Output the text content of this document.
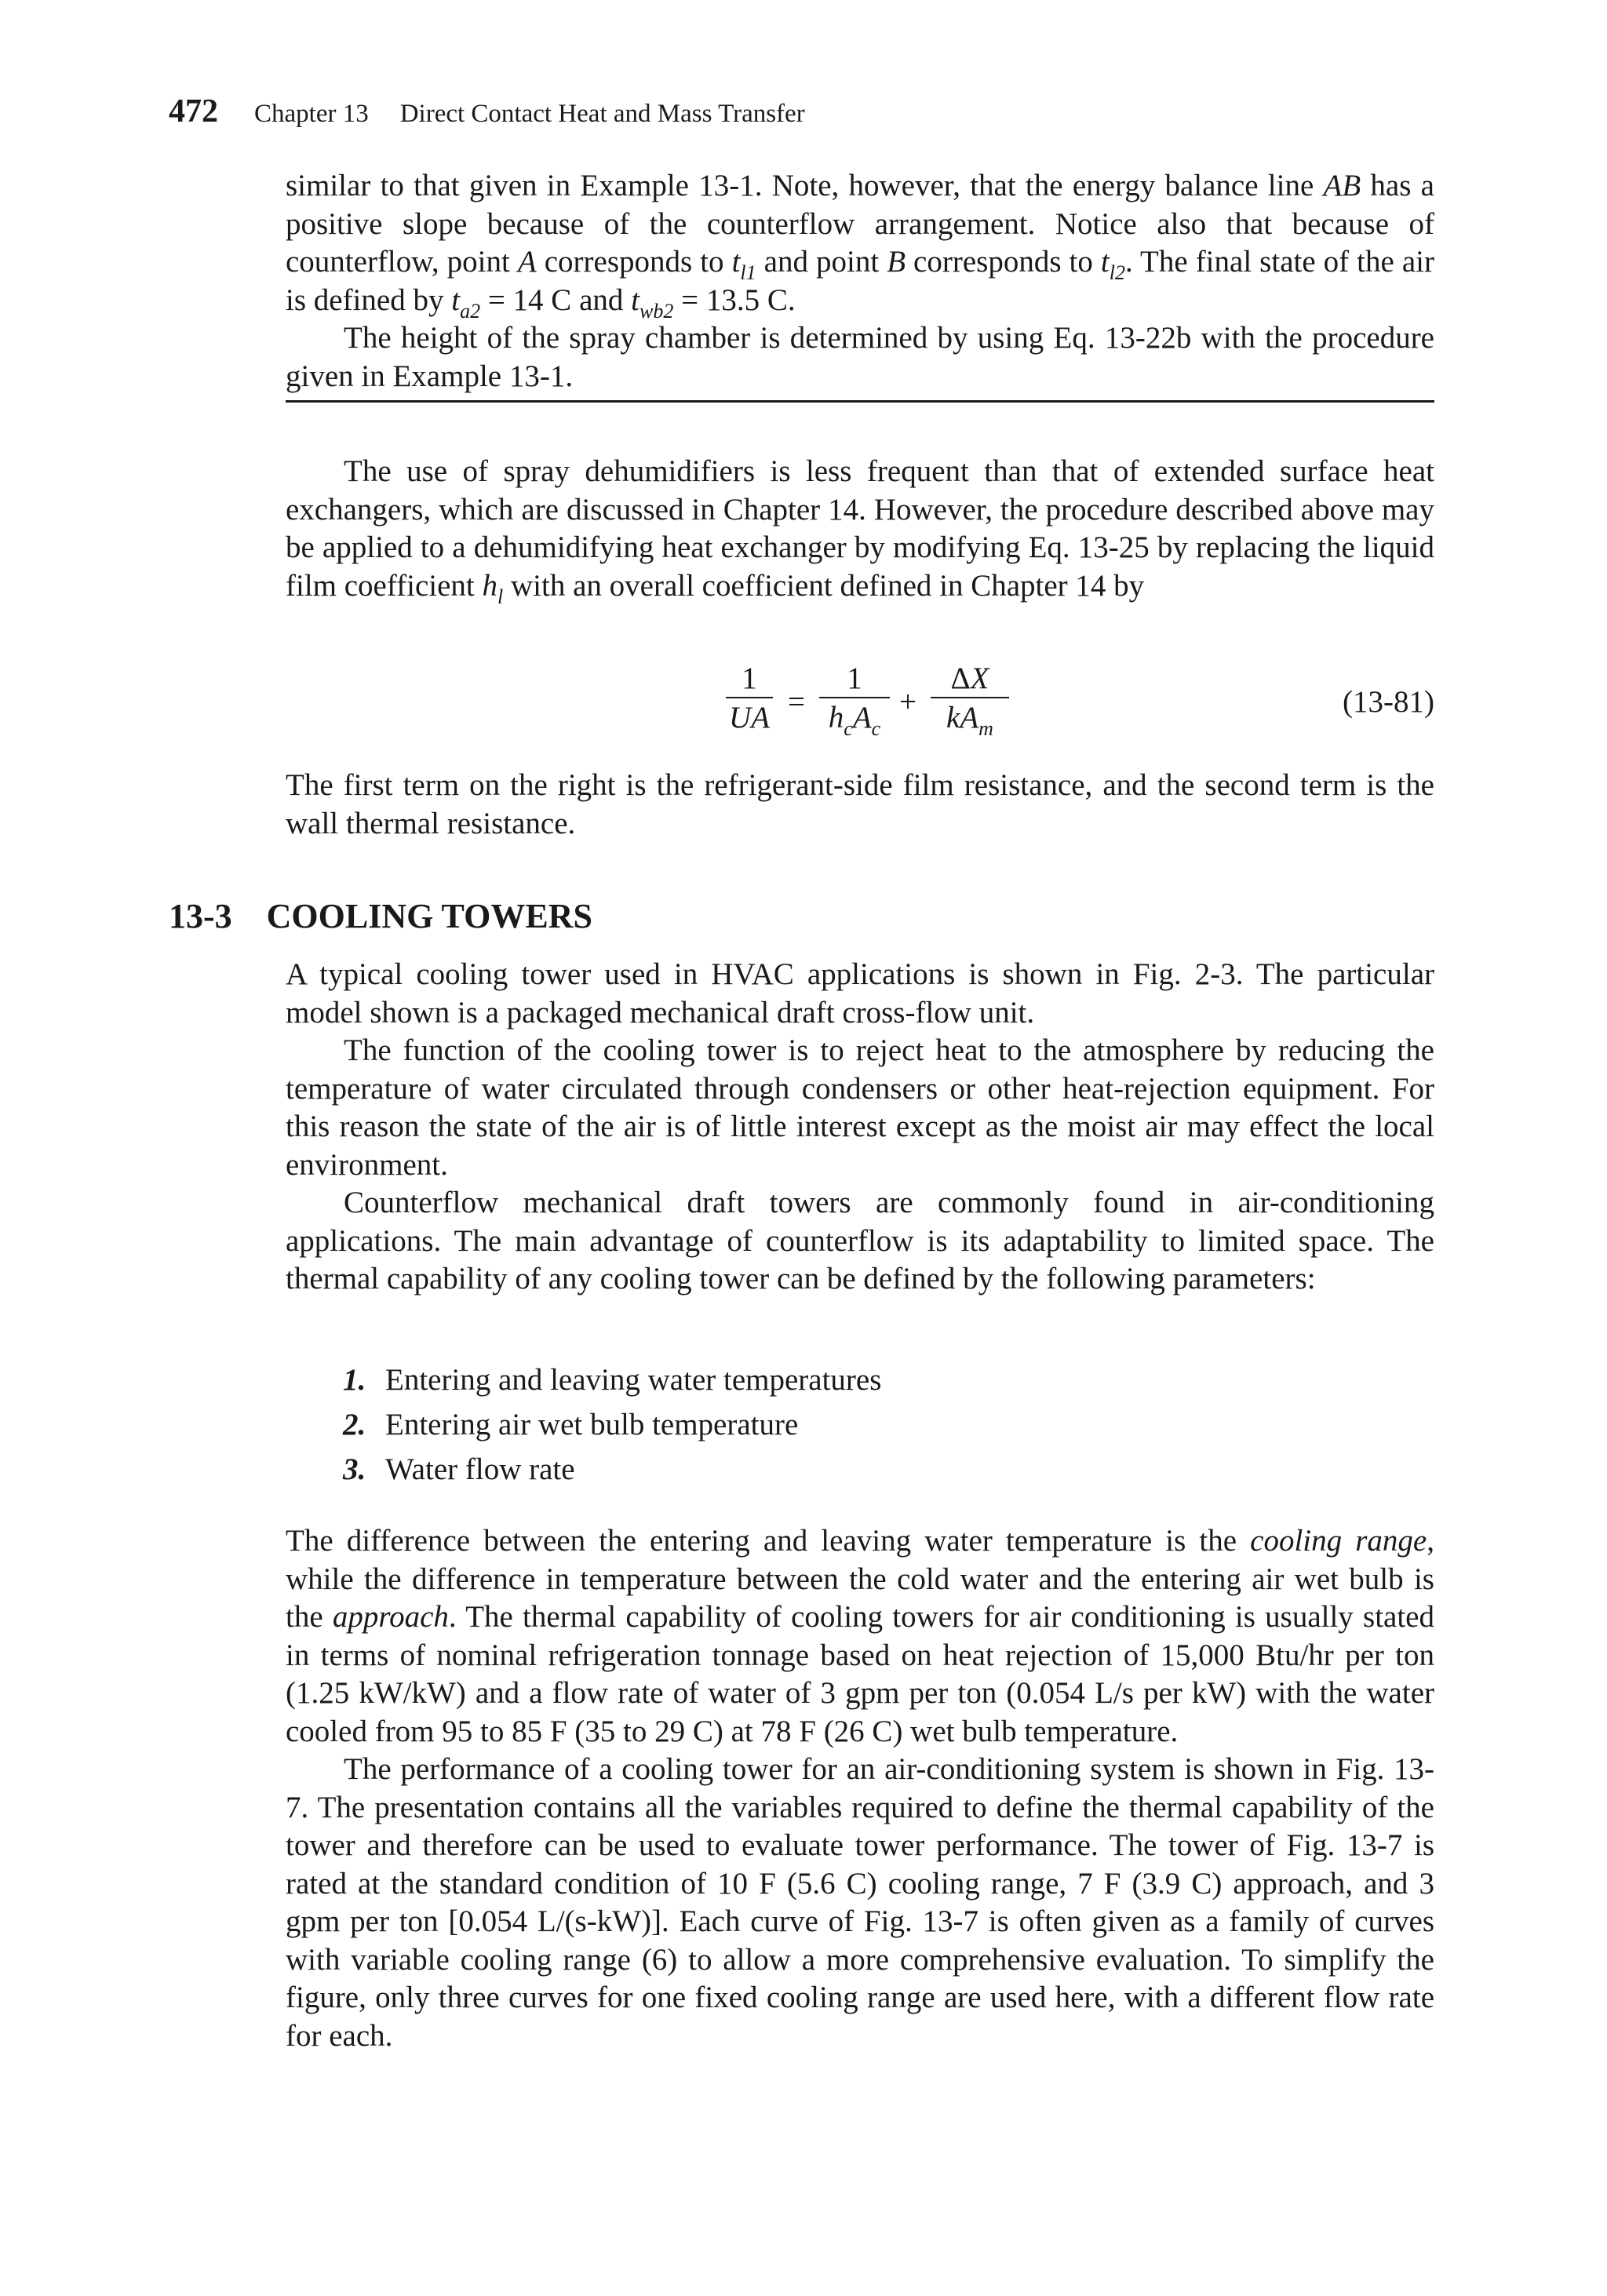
472 Chapter 13 Direct Contact Heat and Mass Transfer

similar to that given in Example 13-1. Note, however, that the energy balance line AB has a positive slope because of the counterflow arrangement. Notice also that because of counterflow, point A corresponds to $t_{l1}$ and point B corresponds to $t_{l2}$. The final state of the air is defined by $t_{a2} = 14$ C and $t_{wb2} = 13.5$ C.

The height of the spray chamber is determined by using Eq. 13-22b with the procedure given in Example 13-1.

The use of spray dehumidifiers is less frequent than that of extended surface heat exchangers, which are discussed in Chapter 14. However, the procedure described above may be applied to a dehumidifying heat exchanger by modifying Eq. 13-25 by replacing the liquid film coefficient $h_l$ with an overall coefficient defined in Chapter 14 by

1
UA =
1
$h_cA_c$
+
ΔX
$kA_m$
(13-81)

The first term on the right is the refrigerant-side film resistance, and the second term is the wall thermal resistance.

13-3 COOLING TOWERS

A typical cooling tower used in HVAC applications is shown in Fig. 2-3. The particular model shown is a packaged mechanical draft cross-flow unit.

The function of the cooling tower is to reject heat to the atmosphere by reducing the temperature of water circulated through condensers or other heat-rejection equipment. For this reason the state of the air is of little interest except as the moist air may effect the local environment.

Counterflow mechanical draft towers are commonly found in air-conditioning applications. The main advantage of counterflow is its adaptability to limited space. The thermal capability of any cooling tower can be defined by the following parameters:

1. Entering and leaving water temperatures
2. Entering air wet bulb temperature
3. Water flow rate

The difference between the entering and leaving water temperature is the cooling range, while the difference in temperature between the cold water and the entering air wet bulb is the approach. The thermal capability of cooling towers for air conditioning is usually stated in terms of nominal refrigeration tonnage based on heat rejection of 15,000 Btu/hr per ton (1.25 kW/kW) and a flow rate of water of 3 gpm per ton (0.054 L/s per kW) with the water cooled from 95 to 85 F (35 to 29 C) at 78 F (26 C) wet bulb temperature.

The performance of a cooling tower for an air-conditioning system is shown in Fig. 13-7. The presentation contains all the variables required to define the thermal capability of the tower and therefore can be used to evaluate tower performance. The tower of Fig. 13-7 is rated at the standard condition of 10 F (5.6 C) cooling range, 7 F (3.9 C) approach, and 3 gpm per ton [0.054 L/(s-kW)]. Each curve of Fig. 13-7 is often given as a family of curves with variable cooling range (6) to allow a more comprehensive evaluation. To simplify the figure, only three curves for one fixed cooling range are used here, with a different flow rate for each.
